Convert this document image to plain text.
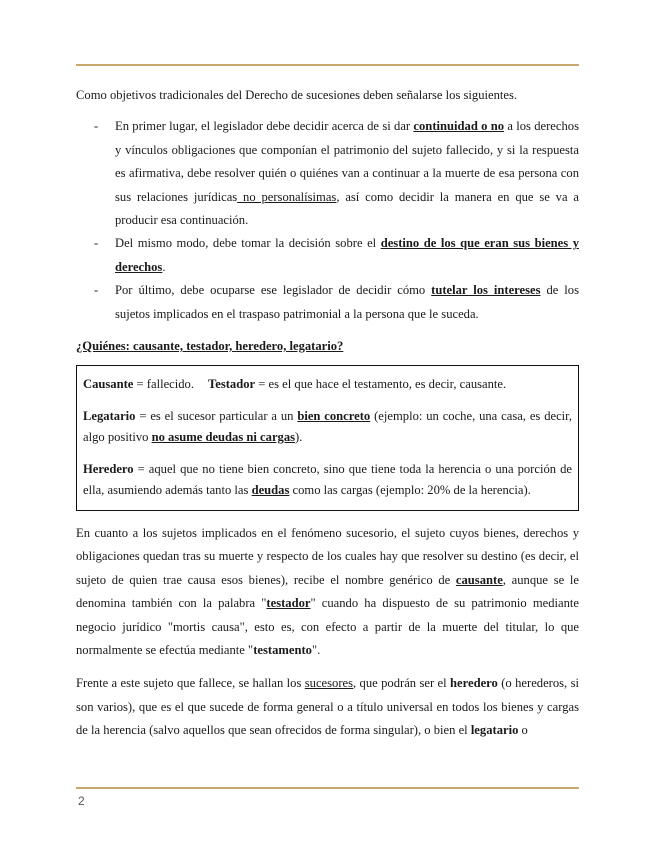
Como objetivos tradicionales del Derecho de sucesiones deben señalarse los siguientes.

- En primer lugar, el legislador debe decidir acerca de si dar continuidad o no a los derechos y vínculos obligaciones que componían el patrimonio del sujeto fallecido, y si la respuesta es afirmativa, debe resolver quién o quiénes van a continuar a la muerte de esa persona con sus relaciones jurídicas no personalísimas, así como decidir la manera en que se va a producir esa continuación.
- Del mismo modo, debe tomar la decisión sobre el destino de los que eran sus bienes y derechos.
- Por último, debe ocuparse ese legislador de decidir cómo tutelar los intereses de los sujetos implicados en el traspaso patrimonial a la persona que le suceda.

¿Quiénes: causante, testador, heredero, legatario?

Causante = fallecido. Testador = es el que hace el testamento, es decir, causante.

Legatario = es el sucesor particular a un bien concreto (ejemplo: un coche, una casa, es decir, algo positivo no asume deudas ni cargas).

Heredero = aquel que no tiene bien concreto, sino que tiene toda la herencia o una porción de ella, asumiendo además tanto las deudas como las cargas (ejemplo: 20% de la herencia).

En cuanto a los sujetos implicados en el fenómeno sucesorio, el sujeto cuyos bienes, derechos y obligaciones quedan tras su muerte y respecto de los cuales hay que resolver su destino (es decir, el sujeto de quien trae causa esos bienes), recibe el nombre genérico de causante, aunque se le denomina también con la palabra "testador" cuando ha dispuesto de su patrimonio mediante negocio jurídico "mortis causa", esto es, con efecto a partir de la muerte del titular, lo que normalmente se efectúa mediante "testamento".

Frente a este sujeto que fallece, se hallan los sucesores, que podrán ser el heredero (o herederos, si son varios), que es el que sucede de forma general o a título universal en todos los bienes y cargas de la herencia (salvo aquellos que sean ofrecidos de forma singular), o bien el legatario o

2
